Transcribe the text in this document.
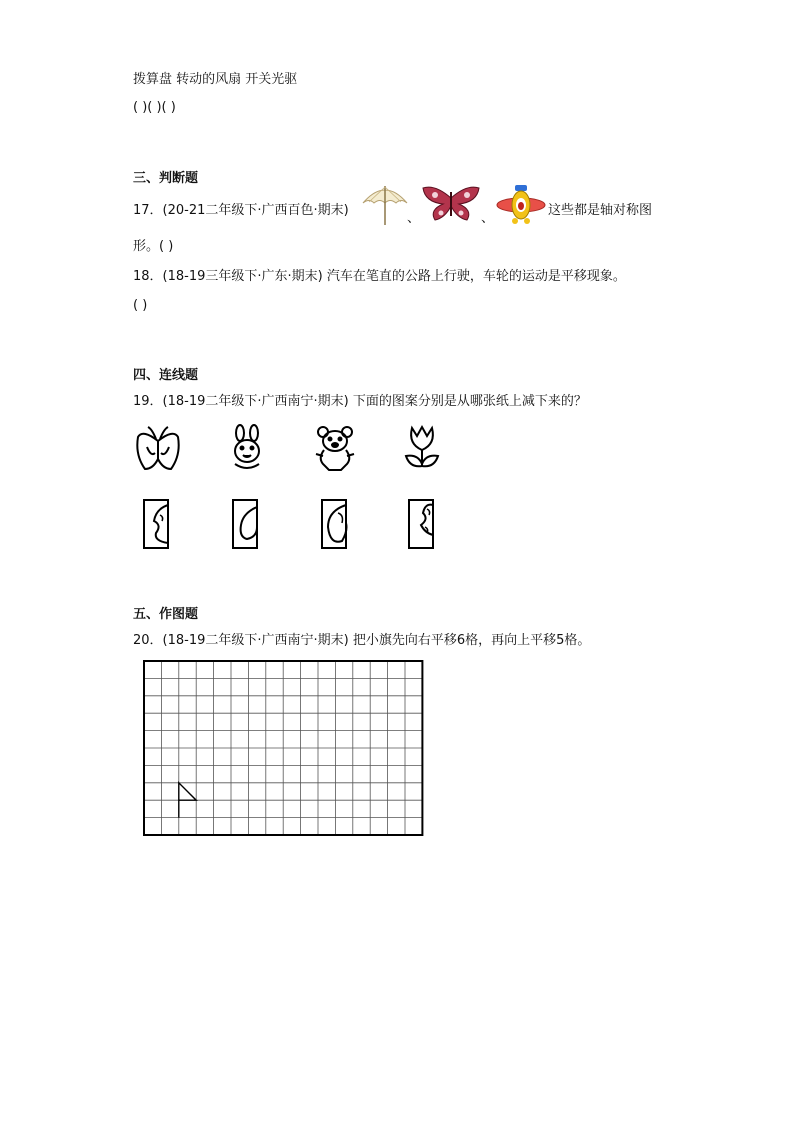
拨算盘 转动的风扇 开关光驱
( )( )( )
三、判断题
17．(20-21二年级下·广西百色·期末)
、	、
这些都是轴对称图
形。( )
18．(18-19三年级下·广东·期末) 汽车在笔直的公路上行驶，车轮的运动是平移现象。
( )
四、连线题
19．(18-19二年级下·广西南宁·期末) 下面的图案分别是从哪张纸上减下来的？
五、作图题
20．(18-19二年级下·广西南宁·期末) 把小旗先向右平移6格，再向上平移5格。
